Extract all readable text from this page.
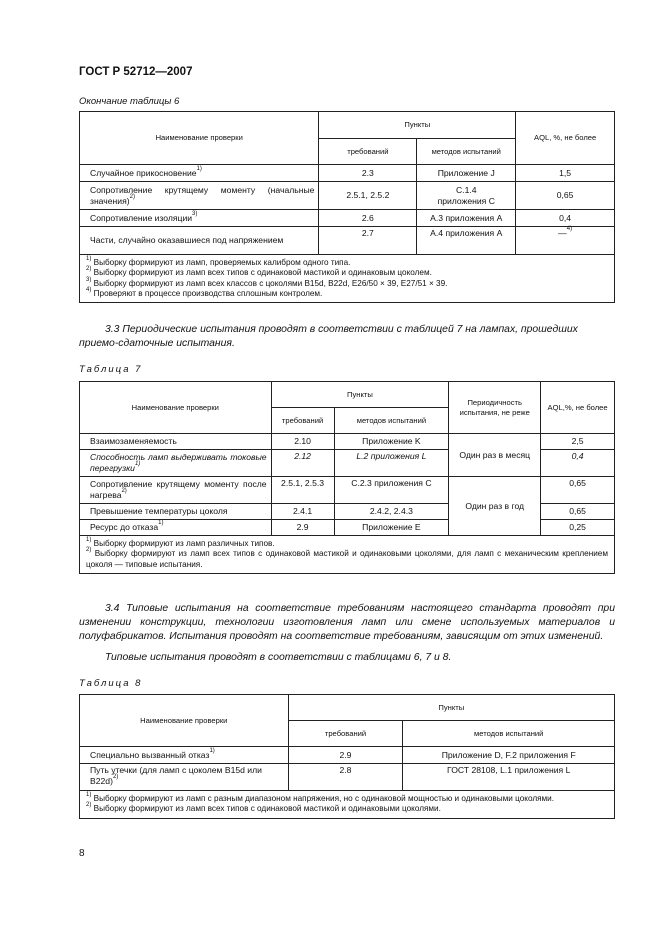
ГОСТ Р 52712—2007
Окончание таблицы 6
Наименование проверки	Пункты		AQL, %, не более
	требований	методов испытаний	
Случайное прикосновение$^{1)}$	2.3	Приложение J	1,5
Сопротивление крутящему моменту (начальные значения)$^{2)}$	2.5.1, 2.5.2	С.1.4 приложения С	0,65
Сопротивление изоляции$^{3)}$	2.6	А.3 приложения А	0,4
Части, случайно оказавшиеся под напряжением	2.7	А.4 приложения А	—$^{4)}$

$^{1)}$ Выборку формируют из ламп, проверяемых калибром одного типа.
$^{2)}$ Выборку формируют из ламп всех типов с одинаковой мастикой и одинаковым цоколем.
$^{3)}$ Выборку формируют из ламп всех классов с цоколями B15d, B22d, E26/50 × 39, E27/51 × 39.
$^{4)}$ Проверяют в процессе производства сплошным контролем.			
3.3 Периодические испытания проводят в соответствии с таблицей 7 на лампах, прошедших приемо-сдаточные испытания.
Таблица 7
Наименование проверки	Пункты		Периодичность испытания, не реже	AQL,%, не более
	требований	методов испытаний		
Взаимозаменяемость	2.10	Приложение K	Один раз в месяц	2,5
Способность ламп выдерживать токовые перегрузки$^{1)}$	2.12	L.2 приложения L		0,4
Сопротивление крутящему моменту после нагрева$^{2)}$	2.5.1, 2.5.3	С.2.3 приложения С	Один раз в год	0,65
Превышение температуры цоколя	2.4.1	2.4.2, 2.4.3		0,65
Ресурс до отказа$^{1)}$	2.9	Приложение Е		0,25

$^{1)}$ Выборку формируют из ламп различных типов.
$^{2)}$ Выборку формируют из ламп всех типов с одинаковой мастикой и одинаковыми цоколями, для ламп с механическим креплением цоколя — типовые испытания.				
3.4 Типовые испытания на соответствие требованиям настоящего стандарта проводят при изменении конструкции, технологии изготовления ламп или смене используемых материалов и полуфабрикатов. Испытания проводят на соответствие требованиям, зависящим от этих изменений.
Типовые испытания проводят в соответствии с таблицами 6, 7 и 8.
Таблица 8
Наименование проверки	Пункты	
	требований	методов испытаний
Специально вызванный отказ$^{1)}$	2.9	Приложение D, F.2 приложения F
Путь утечки (для ламп с цоколем B15d или B22d)$^{2)}$	2.8	ГОСТ 28108, L.1 приложения L

$^{1)}$ Выборку формируют из ламп с разным диапазоном напряжения, но с одинаковой мощностью и одинаковыми цоколями.
$^{2)}$ Выборку формируют из ламп всех типов с одинаковой мастикой и одинаковыми цоколями.		
8
